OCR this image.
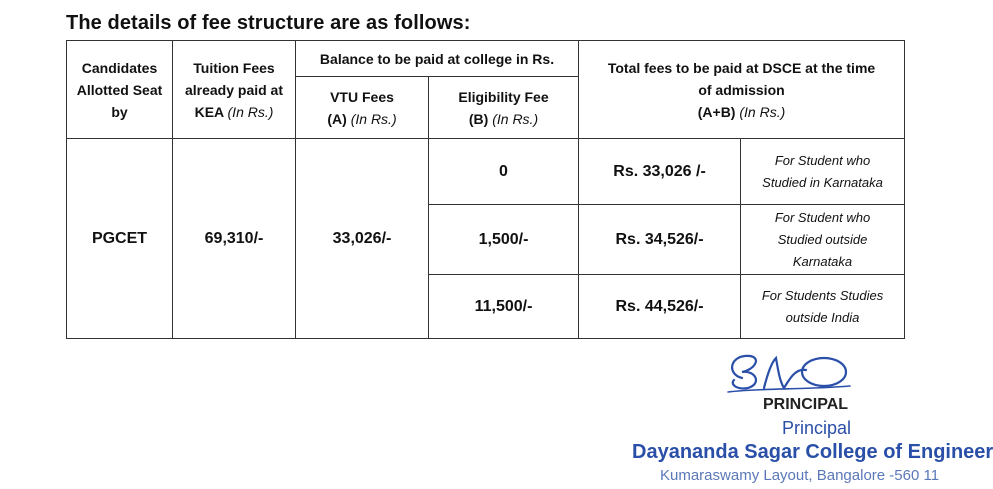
The details of fee structure are as follows:
Candidates
Allotted Seat
by	Tuition Fees
already paid at
KEA (In Rs.)	Balance to be paid at college in Rs.		Total fees to be paid at DSCE at the time
of admission
(A+B) (In Rs.)	
		VTU Fees
(A) (In Rs.)	Eligibility Fee
(B) (In Rs.)		
PGCET	69,310/-	33,026/-	0	Rs. 33,026 /-	For Student who
Studied in Karnataka
			1,500/-	Rs. 34,526/-	For Student who
Studied outside
Karnataka
			11,500/-	Rs. 44,526/-	For Students Studies
outside India
PRINCIPAL
Principal
Dayananda Sagar College of Engineer
Kumaraswamy Layout, Bangalore -560 11
